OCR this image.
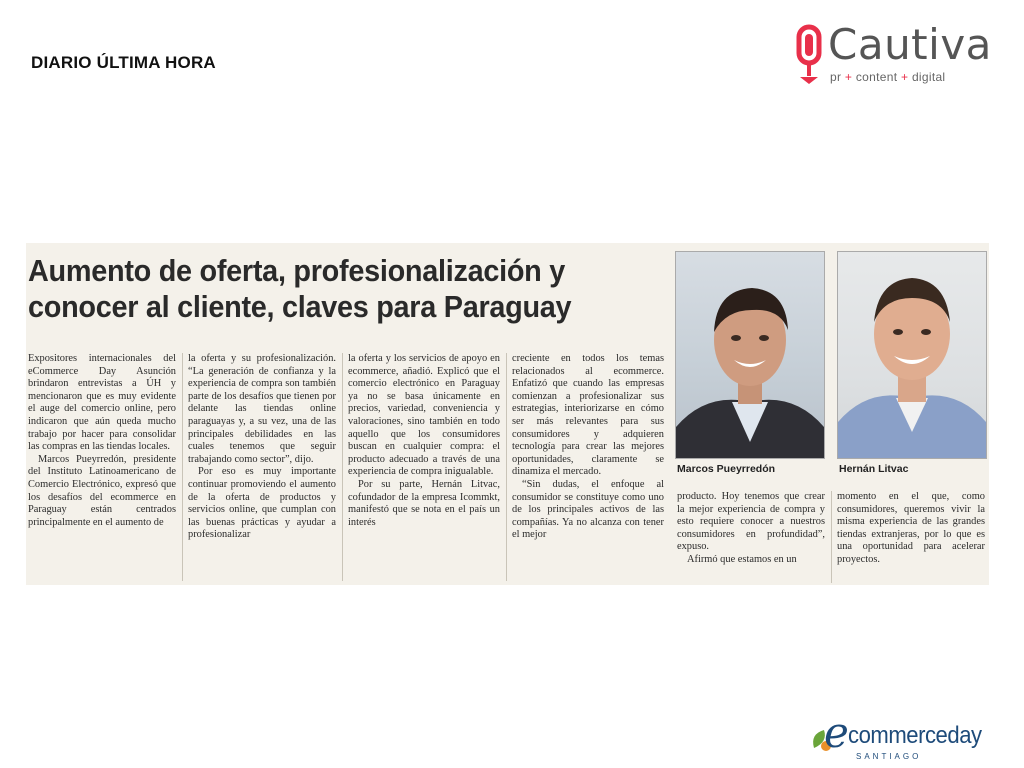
DIARIO ÚLTIMA HORA	Cautiva
pr + content + digital
Aumento de oferta, profesionalización y
conocer al cliente, claves para Paraguay

Expositores internacionales del eCommerce Day Asunción brindaron entrevistas a ÚH y mencionaron que es muy evidente el auge del comercio online, pero indicaron que aún queda mucho trabajo por hacer para consolidar las compras en las tiendas locales.

Marcos Pueyrredón, presidente del Instituto Latinoamericano de Comercio Electrónico, expresó que los desafíos del ecommerce en Paraguay están centrados principalmente en el aumento de

la oferta y su profesionalización. “La generación de confianza y la experiencia de compra son también parte de los desafíos que tienen por delante las tiendas online paraguayas y, a su vez, una de las principales debilidades en las cuales tenemos que seguir trabajando como sector”, dijo.

Por eso es muy importante continuar promoviendo el aumento de la oferta de productos y servicios online, que cumplan con las buenas prácticas y ayudar a profesionalizar

la oferta y los servicios de apoyo en ecommerce, añadió. Explicó que el comercio electrónico en Paraguay ya no se basa únicamente en precios, variedad, conveniencia y valoraciones, sino también en todo aquello que los consumidores buscan en cualquier compra: el producto adecuado a través de una experiencia de compra inigualable.

Por su parte, Hernán Litvac, cofundador de la empresa Icommkt, manifestó que se nota en el país un interés

creciente en todos los temas relacionados al ecommerce. Enfatizó que cuando las empresas comienzan a profesionalizar sus estrategias, interiorizarse en cómo ser más relevantes para sus consumidores y adquieren tecnología para crear las mejores oportunidades, claramente se dinamiza el mercado.

“Sin dudas, el enfoque al consumidor se constituye como uno de los principales activos de las compañías. Ya no alcanza con tener el mejor

Marcos Pueyrredón	Hernán Litvac

producto. Hoy tenemos que crear la mejor experiencia de compra y esto requiere conocer a nuestros consumidores en profundidad”, expuso.

Afirmó que estamos en un

momento en el que, como consumidores, queremos vivir la misma experiencia de las grandes tiendas extranjeras, por lo que es una oportunidad para acelerar proyectos.

e commerceday
SANTIAGO
